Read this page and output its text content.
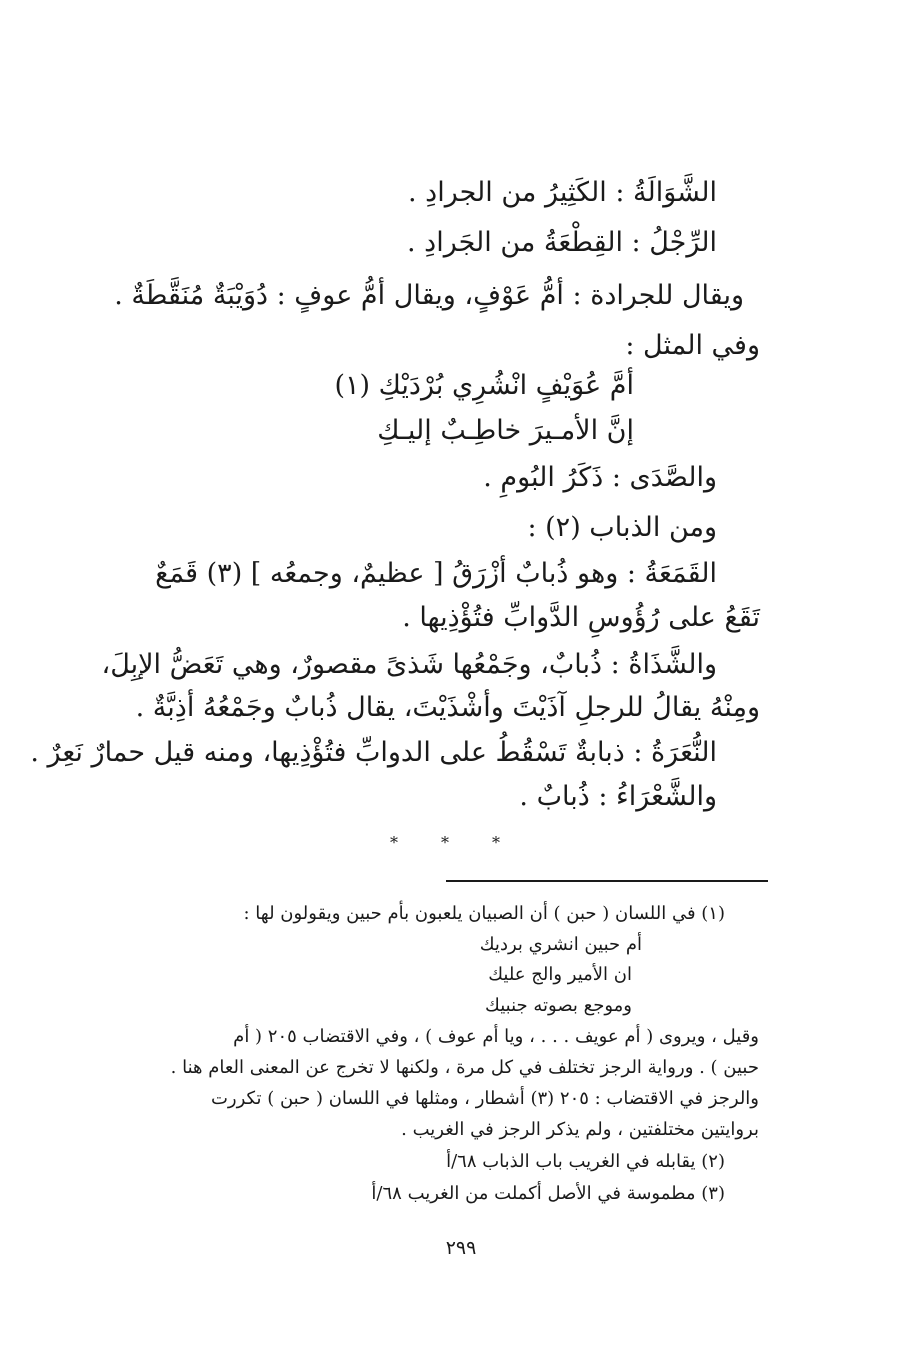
الشَّوَالَةُ : الكَثِيرُ من الجرادِ .
الرِّجْلُ : القِطْعَةُ من الجَرادِ .
ويقال للجرادة : أمُّ عَوْفٍ، ويقال أمُّ عوفٍ : دُوَيْبَةٌ مُنَقَّطَةٌ .
وفي المثل :
أمَّ عُوَيْفٍ انْشُرِي بُرْدَيْكِ (١)
إنَّ الأمـيرَ خاطِـبٌ إليـكِ
والصَّدَى : ذَكَرُ البُومِ .
ومن الذباب (٢) :
القَمَعَةُ : وهو ذُبابٌ أزْرَقُ [ عظيمٌ، وجمعُه ] (٣) قَمَعٌ
تَقَعُ على رُؤُوسِ الدَّوابِّ فتُؤْذِيها .
والشَّذَاةُ : ذُبابٌ، وجَمْعُها شَذىً مقصورٌ، وهي تَعَضُّ الإبِلَ،
ومِنْهُ يقالُ للرجلِ آذَيْتَ وأشْذَيْتَ، يقال ذُبابٌ وجَمْعُهُ أذِبَّةٌ .
النُّعَرَةُ : ذبابةٌ تَسْقُطُ على الدوابِّ فتُؤْذِيها، ومنه قيل حمارٌ نَعِرٌ .
والشَّعْرَاءُ : ذُبابٌ .
*	*	*
(١) في اللسان ( حبن ) أن الصبيان يلعبون بأم حبين ويقولون لها :
أم حبين انشري برديك
ان الأمير والج عليك
وموجع بصوته جنبيك
وقيل ، ويروى ( أم عويف . . . ، ويا أم عوف ) ، وفي الاقتضاب ٢٠٥ ( أم
حبين ) . ورواية الرجز تختلف في كل مرة ، ولكنها لا تخرج عن المعنى العام هنا .
والرجز في الاقتضاب : ٢٠٥ (٣) أشطار ، ومثلها في اللسان ( حبن ) تكررت
بروايتين مختلفتين ، ولم يذكر الرجز في الغريب .
(٢) يقابله في الغريب باب الذباب ٦٨/أ
(٣) مطموسة في الأصل أكملت من الغريب ٦٨/أ
٢٩٩
